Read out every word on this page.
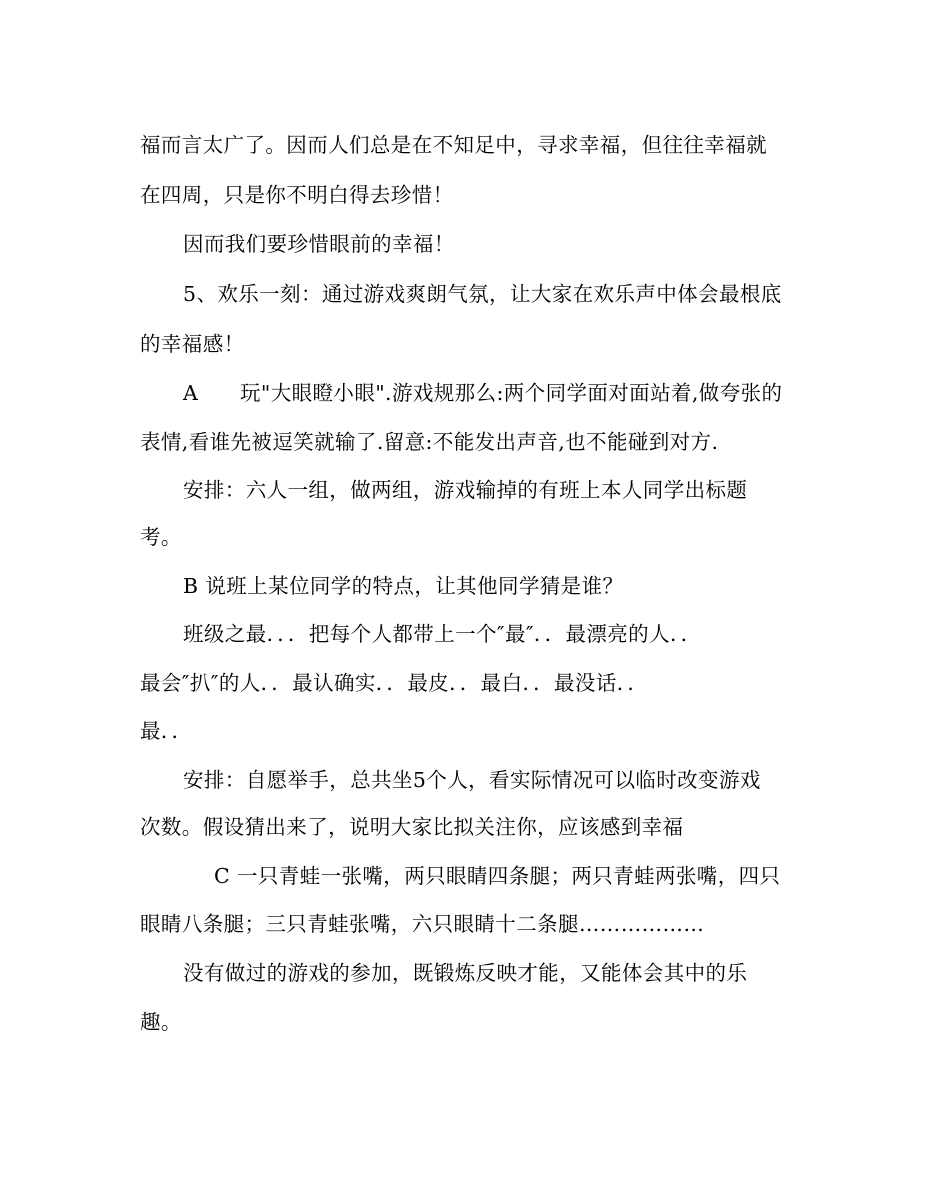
福而言太广了。因而人们总是在不知足中，寻求幸福，但往往幸福就
在四周，只是你不明白得去珍惜！
因而我们要珍惜眼前的幸福！
5、欢乐一刻：通过游戏爽朗气氛，让大家在欢乐声中体会最根底
的幸福感！
A　　玩"大眼瞪小眼".游戏规那么:两个同学面对面站着,做夸张的
表情,看谁先被逗笑就输了.留意:不能发出声音,也不能碰到对方.
安排：六人一组，做两组，游戏输掉的有班上本人同学出标题
考。
B 说班上某位同学的特点，让其他同学猜是谁？
班级之最．．．把每个人都带上一个″最″．．最漂亮的人．．
最会″扒″的人．．最认确实．．最皮．．最白．．最没话．．
最．．
安排：自愿举手，总共坐5个人，看实际情况可以临时改变游戏
次数。假设猜出来了，说明大家比拟关注你，应该感到幸福
C 一只青蛙一张嘴，两只眼睛四条腿；两只青蛙两张嘴，四只
眼睛八条腿；三只青蛙张嘴，六只眼睛十二条腿………………
没有做过的游戏的参加，既锻炼反映才能，又能体会其中的乐
趣。
